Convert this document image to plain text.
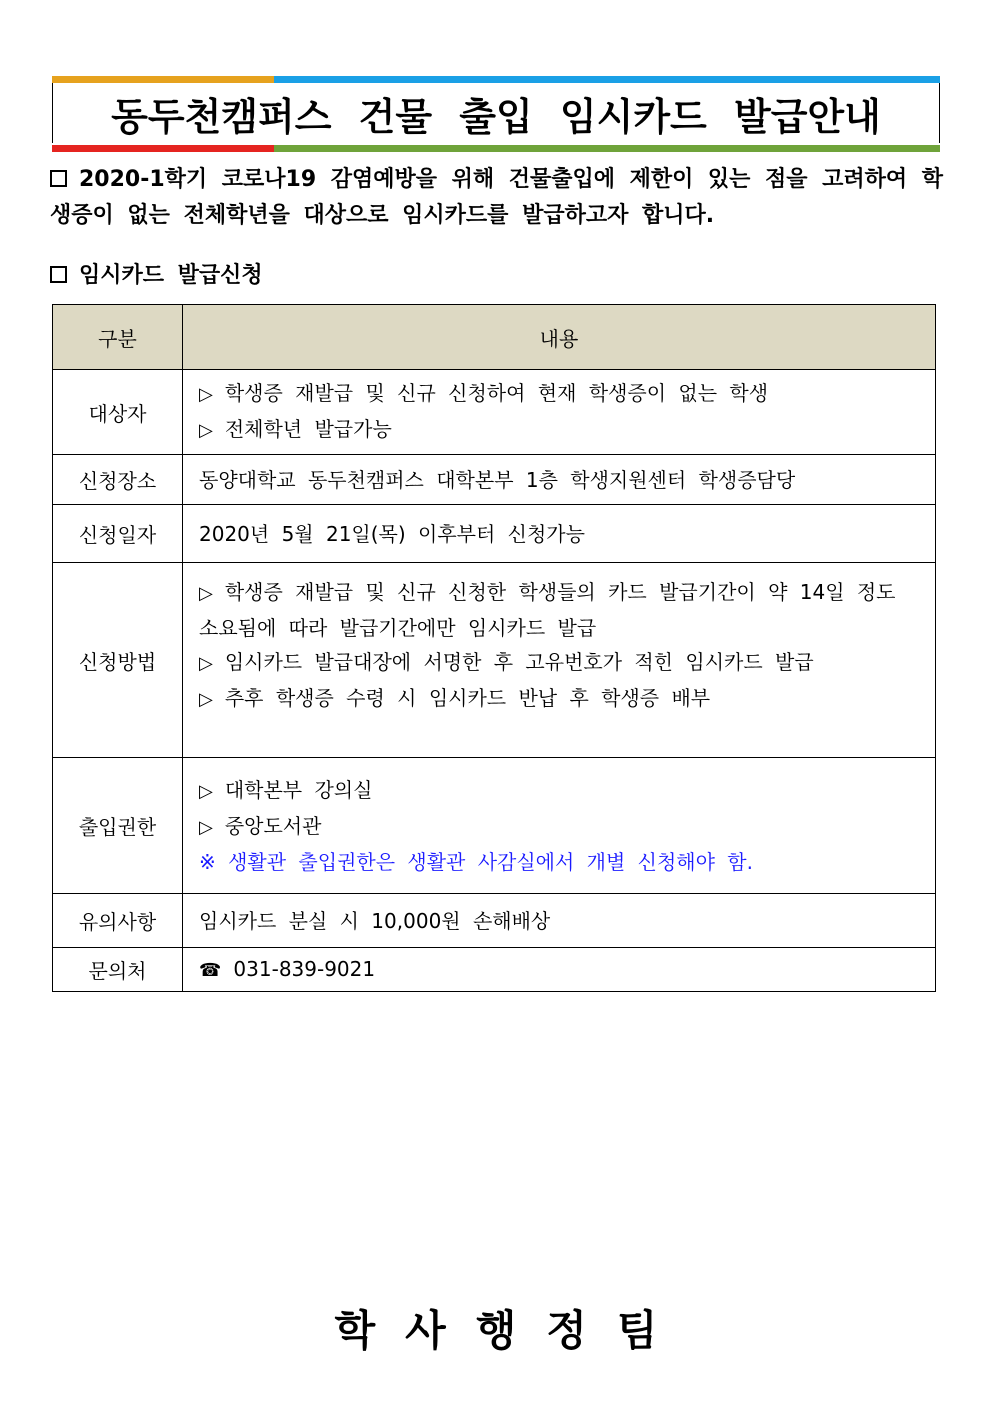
동두천캠퍼스 건물 출입 임시카드 발급안내
2020-1학기 코로나19 감염예방을 위해 건물출입에 제한이 있는 점을 고려하여 학생증이 없는 전체학년을 대상으로 임시카드를 발급하고자 합니다.
임시카드 발급신청
구분	내용
대상자	▷ 학생증 재발급 및 신규 신청하여 현재 학생증이 없는 학생
▷ 전체학년 발급가능

신청장소	동양대학교 동두천캠퍼스 대학본부 1층 학생지원센터 학생증담당
신청일자	2020년 5월 21일(목) 이후부터 신청가능
신청방법	▷ 학생증 재발급 및 신규 신청한 학생들의 카드 발급기간이 약 14일 정도 소요됨에 따라 발급기간에만 임시카드 발급
▷ 임시카드 발급대장에 서명한 후 고유번호가 적힌 임시카드 발급
▷ 추후 학생증 수령 시 임시카드 반납 후 학생증 배부

출입권한	▷ 대학본부 강의실
▷ 중앙도서관
※ 생활관 출입권한은 생활관 사감실에서 개별 신청해야 함.

유의사항	임시카드 분실 시 10,000원 손해배상
문의처	☎ 031-839-9021
학사행정팀
